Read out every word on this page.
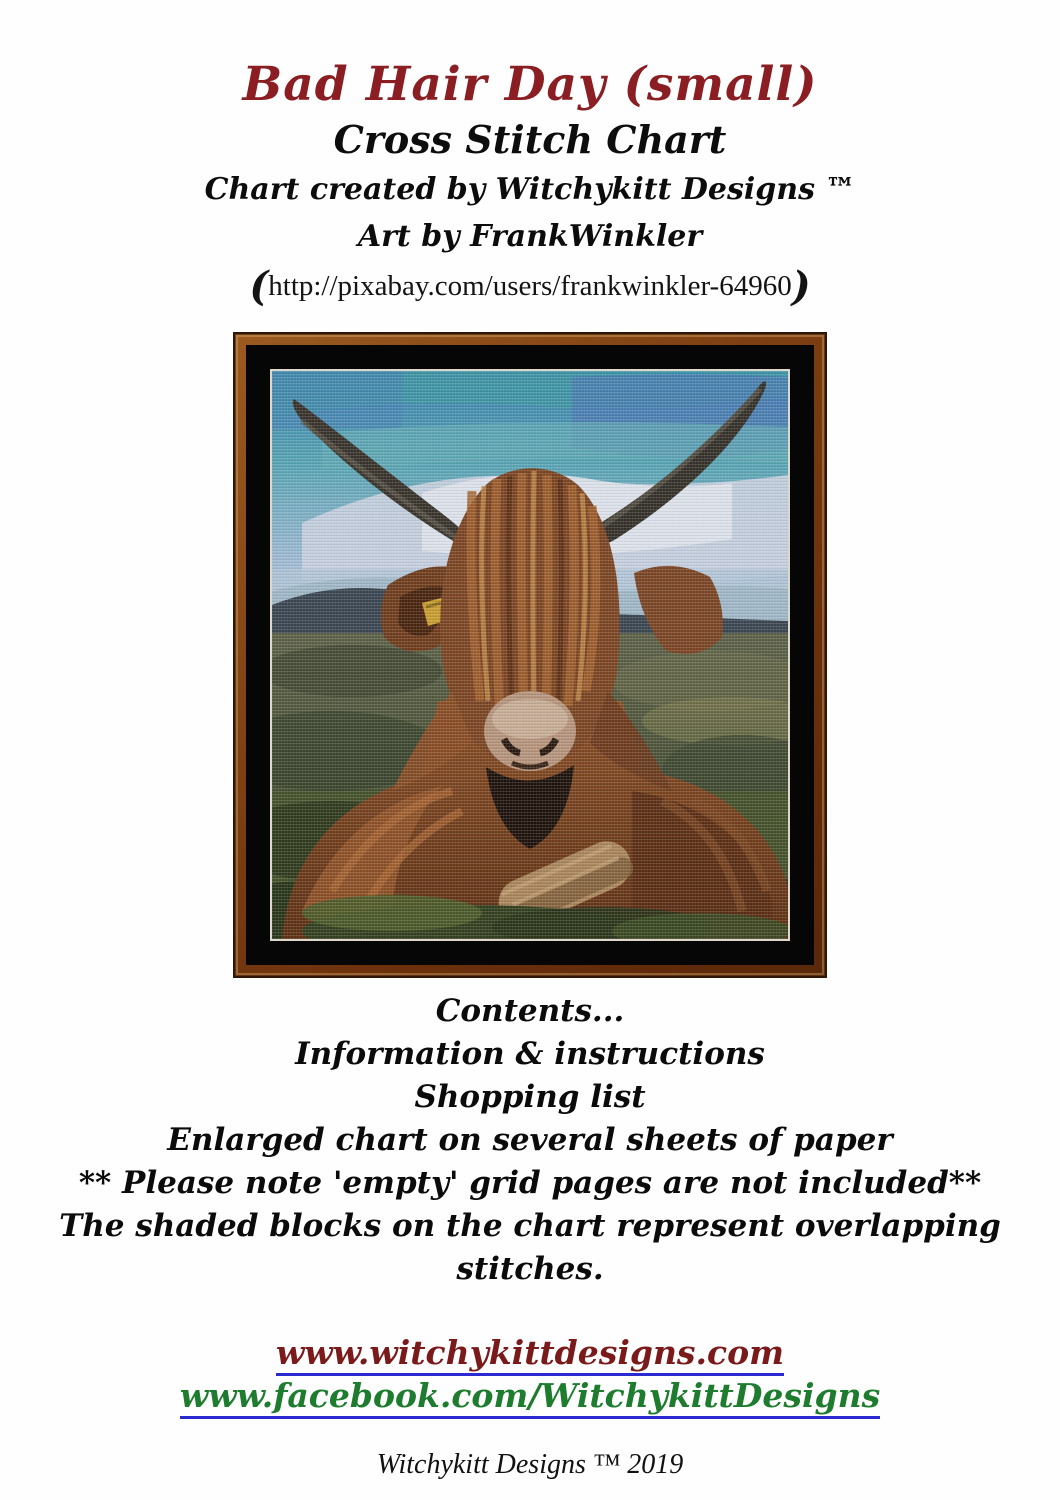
Bad Hair Day (small)
Cross Stitch Chart
Chart created by Witchykitt Designs ™
Art by FrankWinkler
(http://pixabay.com/users/frankwinkler-64960)
Contents...
Information & instructions
Shopping list
Enlarged chart on several sheets of paper
** Please note 'empty' grid pages are not included**
The shaded blocks on the chart represent overlapping stitches.
www.witchykittdesigns.com
www.facebook.com/WitchykittDesigns
Witchykitt Designs ™ 2019
